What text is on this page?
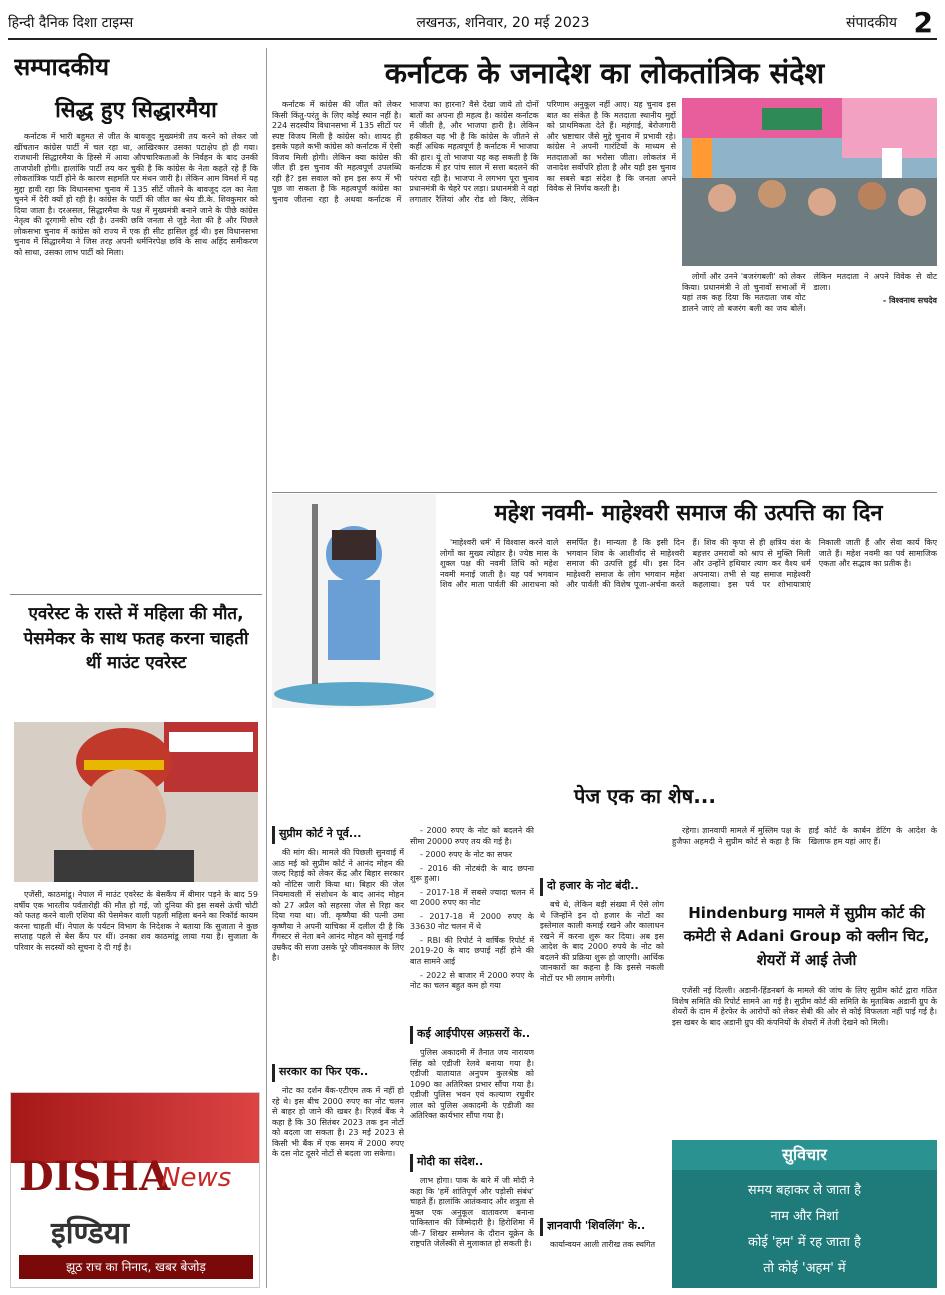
हिन्दी दैनिक दिशा टाइम्स	लखनऊ, शनिवार, 20 मई 2023	संपादकीय 2
सम्पादकीय
सिद्ध हुए सिद्धारमैया

कर्नाटक में भारी बहुमत से जीत के बावजूद मुख्यमंत्री तय करने को लेकर जो खींचतान कांग्रेस पार्टी में चल रहा था, आखिरकार उसका पटाक्षेप हो ही गया। राजधानी सिद्धारमैया के हिस्से में आया औपचारिकताओं के निर्वहन के बाद उनकी ताजपोशी होगी। हालांकि पार्टी तय कर चुकी है कि कांग्रेस के नेता कहते रहे हैं कि लोकतांत्रिक पार्टी होने के कारण सहमति पर मंथन जारी है। लेकिन आम विमर्श में यह मुद्दा हावी रहा कि विधानसभा चुनाव में 135 सीटें जीतने के बावजूद दल का नेता चुनने में देरी क्यों हो रही है। कांग्रेस के पार्टी की जीत का श्रेय डी.के. शिवकुमार को दिया जाता है। दरअसल, सिद्धारमैया के पक्ष में मुख्यमंत्री बनाने जाने के पीछे कांग्रेस नेतृत्व की दूरगामी सोच रही है। उनकी छवि जनता से जुड़े नेता की है और पिछले लोकसभा चुनाव में कांग्रेस को राज्य में एक ही सीट हासिल हुई थी। इस विधानसभा चुनाव में सिद्धारमैया ने जिस तरह अपनी धर्मनिरपेक्ष छवि के साथ अहिंद समीकरण को साधा, उसका लाभ पार्टी को मिला।

एवरेस्ट के रास्ते में महिला की मौत, पेसमेकर के साथ फतह करना चाहती थीं माउंट एवरेस्ट

एजेंसी, काठमांडू। नेपाल में माउंट एवरेस्ट के बेसकैंप में बीमार पड़ने के बाद 59 वर्षीय एक भारतीय पर्वतारोही की मौत हो गई, जो दुनिया की इस सबसे ऊंची चोटी को फतह करने वाली एशिया की पेसमेकर वाली पहली महिला बनने का रिकॉर्ड कायम करना चाहती थीं। नेपाल के पर्यटन विभाग के निदेशक ने बताया कि सुजाता ने कुछ सप्ताह पहले से बेस कैंप पर थीं। उनका शव काठमांडू लाया गया है। सुजाता के परिवार के सदस्यों को सूचना दे दी गई है।

DISHA
News
इण्डिया
झूठ राच का निनाद, खबर बेजोड़
कर्नाटक के जनादेश का लोकतांत्रिक संदेश

कर्नाटक में कांग्रेस की जीत को लेकर किसी किंतु-परंतु के लिए कोई स्थान नहीं है। 224 सदस्यीय विधानसभा में 135 सीटों पर स्पष्ट विजय मिली है कांग्रेस को। शायद ही इसके पहले कभी कांग्रेस को कर्नाटक में ऐसी विजय मिली होगी। लेकिन क्या कांग्रेस की जीत ही इस चुनाव की महत्वपूर्ण उपलब्धि रही है? इस सवाल को हम इस रूप में भी पूछ जा सकता है कि महत्वपूर्ण कांग्रेस का चुनाव जीतना रहा है अथवा कर्नाटक में भाजपा का हारना? वैसे देखा जाये तो दोनों बातों का अपना ही महत्व है। कांग्रेस कर्नाटक में जीती है, और भाजपा हारी है। लेकिन हकीकत यह भी है कि कांग्रेस के जीतने से कहीं अधिक महत्वपूर्ण है कर्नाटक में भाजपा की हार। यूं तो भाजपा यह कह सकती है कि कर्नाटक में हर पांच साल में सत्ता बदलने की परंपरा रही है। भाजपा ने लगभग पूरा चुनाव प्रधानमंत्री के चेहरे पर लड़ा। प्रधानमंत्री ने वहां लगातार रैलियां और रोड शो किए, लेकिन परिणाम अनुकूल नहीं आए। यह चुनाव इस बात का संकेत है कि मतदाता स्थानीय मुद्दों को प्राथमिकता देते हैं। महंगाई, बेरोजगारी और भ्रष्टाचार जैसे मुद्दे चुनाव में प्रभावी रहे। कांग्रेस ने अपनी गारंटियों के माध्यम से मतदाताओं का भरोसा जीता। लोकतंत्र में जनादेश सर्वोपरि होता है और यही इस चुनाव का सबसे बड़ा संदेश है कि जनता अपने विवेक से निर्णय करती है।

लोगों और उनने 'बजरंगबली' को लेकर किया। प्रधानमंत्री ने तो चुनावों सभाओं में यहां तक कह दिया कि मतदाता जब वोट डालने जाएं तो बजरंग बली का जय बोलें। लेकिन मतदाता ने अपने विवेक से वोट डाला।

- विश्वनाथ सचदेव

महेश नवमी- माहेश्वरी समाज की उत्पत्ति का दिन

'माहेश्वरी धर्म' में विश्वास करने वाले लोगों का मुख्य त्योहार है। ज्येष्ठ मास के शुक्ल पक्ष की नवमी तिथि को महेश नवमी मनाई जाती है। यह पर्व भगवान शिव और माता पार्वती की आराधना को समर्पित है। मान्यता है कि इसी दिन भगवान शिव के आशीर्वाद से माहेश्वरी समाज की उत्पत्ति हुई थी। इस दिन माहेश्वरी समाज के लोग भगवान महेश और पार्वती की विशेष पूजा-अर्चना करते हैं। शिव की कृपा से ही क्षत्रिय वंश के बहत्तर उमरावों को श्राप से मुक्ति मिली और उन्होंने हथियार त्याग कर वैश्य धर्म अपनाया। तभी से यह समाज माहेश्वरी कहलाया। इस पर्व पर शोभायात्राएं निकाली जाती हैं और सेवा कार्य किए जाते हैं। महेश नवमी का पर्व सामाजिक एकता और सद्भाव का प्रतीक है।

पेज एक का शेष...
सुप्रीम कोर्ट ने पूर्व...

की मांग की। मामले की पिछली सुनवाई में आठ मई को सुप्रीम कोर्ट ने आनंद मोहन की जल्द रिहाई को लेकर केंद्र और बिहार सरकार को नोटिस जारी किया था। बिहार की जेल नियमावली में संशोधन के बाद आनंद मोहन को 27 अप्रैल को सहरसा जेल से रिहा कर दिया गया था। जी. कृष्णैया की पत्नी उमा कृष्णैया ने अपनी याचिका में दलील दी है कि गैंगस्टर से नेता बने आनंद मोहन को सुनाई गई उम्रकैद की सजा उसके पूरे जीवनकाल के लिए है।

सरकार का फिर एक..

नोट का दर्शन बैंक-एटीएम तक में नहीं हो रहे थे। इस बीच 2000 रुपए का नोट चलन से बाहर हो जाने की खबर है। रिज़र्व बैंक ने कहा है कि 30 सितंबर 2023 तक इन नोटों को बदला जा सकता है। 23 मई 2023 से किसी भी बैंक में एक समय में 2000 रुपए के दस नोट दूसरे नोटों से बदला जा सकेगा।

- 2000 रुपए के नोट को बदलने की सीमा 20000 रुपए तय की गई है।

- 2000 रुपए के नोट का सफर

- 2016 की नोटबंदी के बाद छपना शुरू हुआ।

- 2017-18 में सबसे ज्यादा चलन में था 2000 रुपए का नोट

- 2017-18 में 2000 रुपए के 33630 नोट चलन में थे

- RBI की रिपोर्ट ने वार्षिक रिपोर्ट में 2019-20 के बाद छपाई नहीं होने की बात सामने आई

- 2022 से बाजार में 2000 रुपए के नोट का चलन बहुत कम हो गया

कई आईपीएस अफ़सरों के..

पुलिस अकादमी में तैनात जय नारायण सिंह को एडीजी रेलवे बनाया गया है। एडीजी यातायात अनुपम कुलश्रेष्ठ को 1090 का अतिरिक्त प्रभार सौंपा गया है। एडीजी पुलिस भवन एवं कल्याण रघुवीर लाल को पुलिस अकादमी के एडीजी का अतिरिक्त कार्यभार सौंपा गया है।

मोदी का संदेश..

लाभ होगा। पाक के बारे में जी मोदी ने कहा कि 'हमें शांतिपूर्ण और पड़ोसी संबंध' चाहते हैं। हालांकि आतंकवाद और शत्रुता से मुक्त एक अनुकूल वातावरण बनाना पाकिस्तान की जिम्मेदारी है। हिरोशिमा में जी-7 शिखर सम्मेलन के दौरान यूक्रेन के राष्ट्रपति जेलेंस्की से मुलाकात हो सकती है।

दो हजार के नोट बंदी..

बचे थे, लेकिन बड़ी संख्या में ऐसे लोग थे जिन्होंने इन दो हजार के नोटों का इस्तेमाल काली कमाई रखने और कालाधन रखने में करना शुरू कर दिया। अब इस आदेश के बाद 2000 रुपये के नोट को बदलने की प्रक्रिया शुरू हो जाएगी। आर्थिक जानकारों का कहना है कि इससे नकली नोटों पर भी लगाम लगेगी।

ज्ञानवापी 'शिवलिंग' के..

कार्यान्वयन आली तारीख तक स्थगित

रहेगा। ज्ञानवापी मामले में मुस्लिम पक्ष के हुजैफा अहमदी ने सुप्रीम कोर्ट से कहा है कि हाई कोर्ट के कार्बन डेटिंग के आदेश के खिलाफ हम यहां आए हैं।

Hindenburg मामले में सुप्रीम कोर्ट की कमेटी से Adani Group को क्लीन चिट, शेयरों में आई तेजी

एजेंसी नई दिल्ली। अडानी-हिंडनबर्ग के मामले की जांच के लिए सुप्रीम कोर्ट द्वारा गठित विशेष समिति की रिपोर्ट सामने आ गई है। सुप्रीम कोर्ट की समिति के मुताबिक अडानी ग्रुप के शेयरों के दाम में हेरफेर के आरोपों को लेकर सेबी की ओर से कोई विफलता नहीं पाई गई है। इस खबर के बाद अडानी ग्रुप की कंपनियों के शेयरों में तेजी देखने को मिली।

सुविचार
समय बहाकर ले जाता है
नाम और निशां
कोई 'हम' में रह जाता है
तो कोई 'अहम' में
